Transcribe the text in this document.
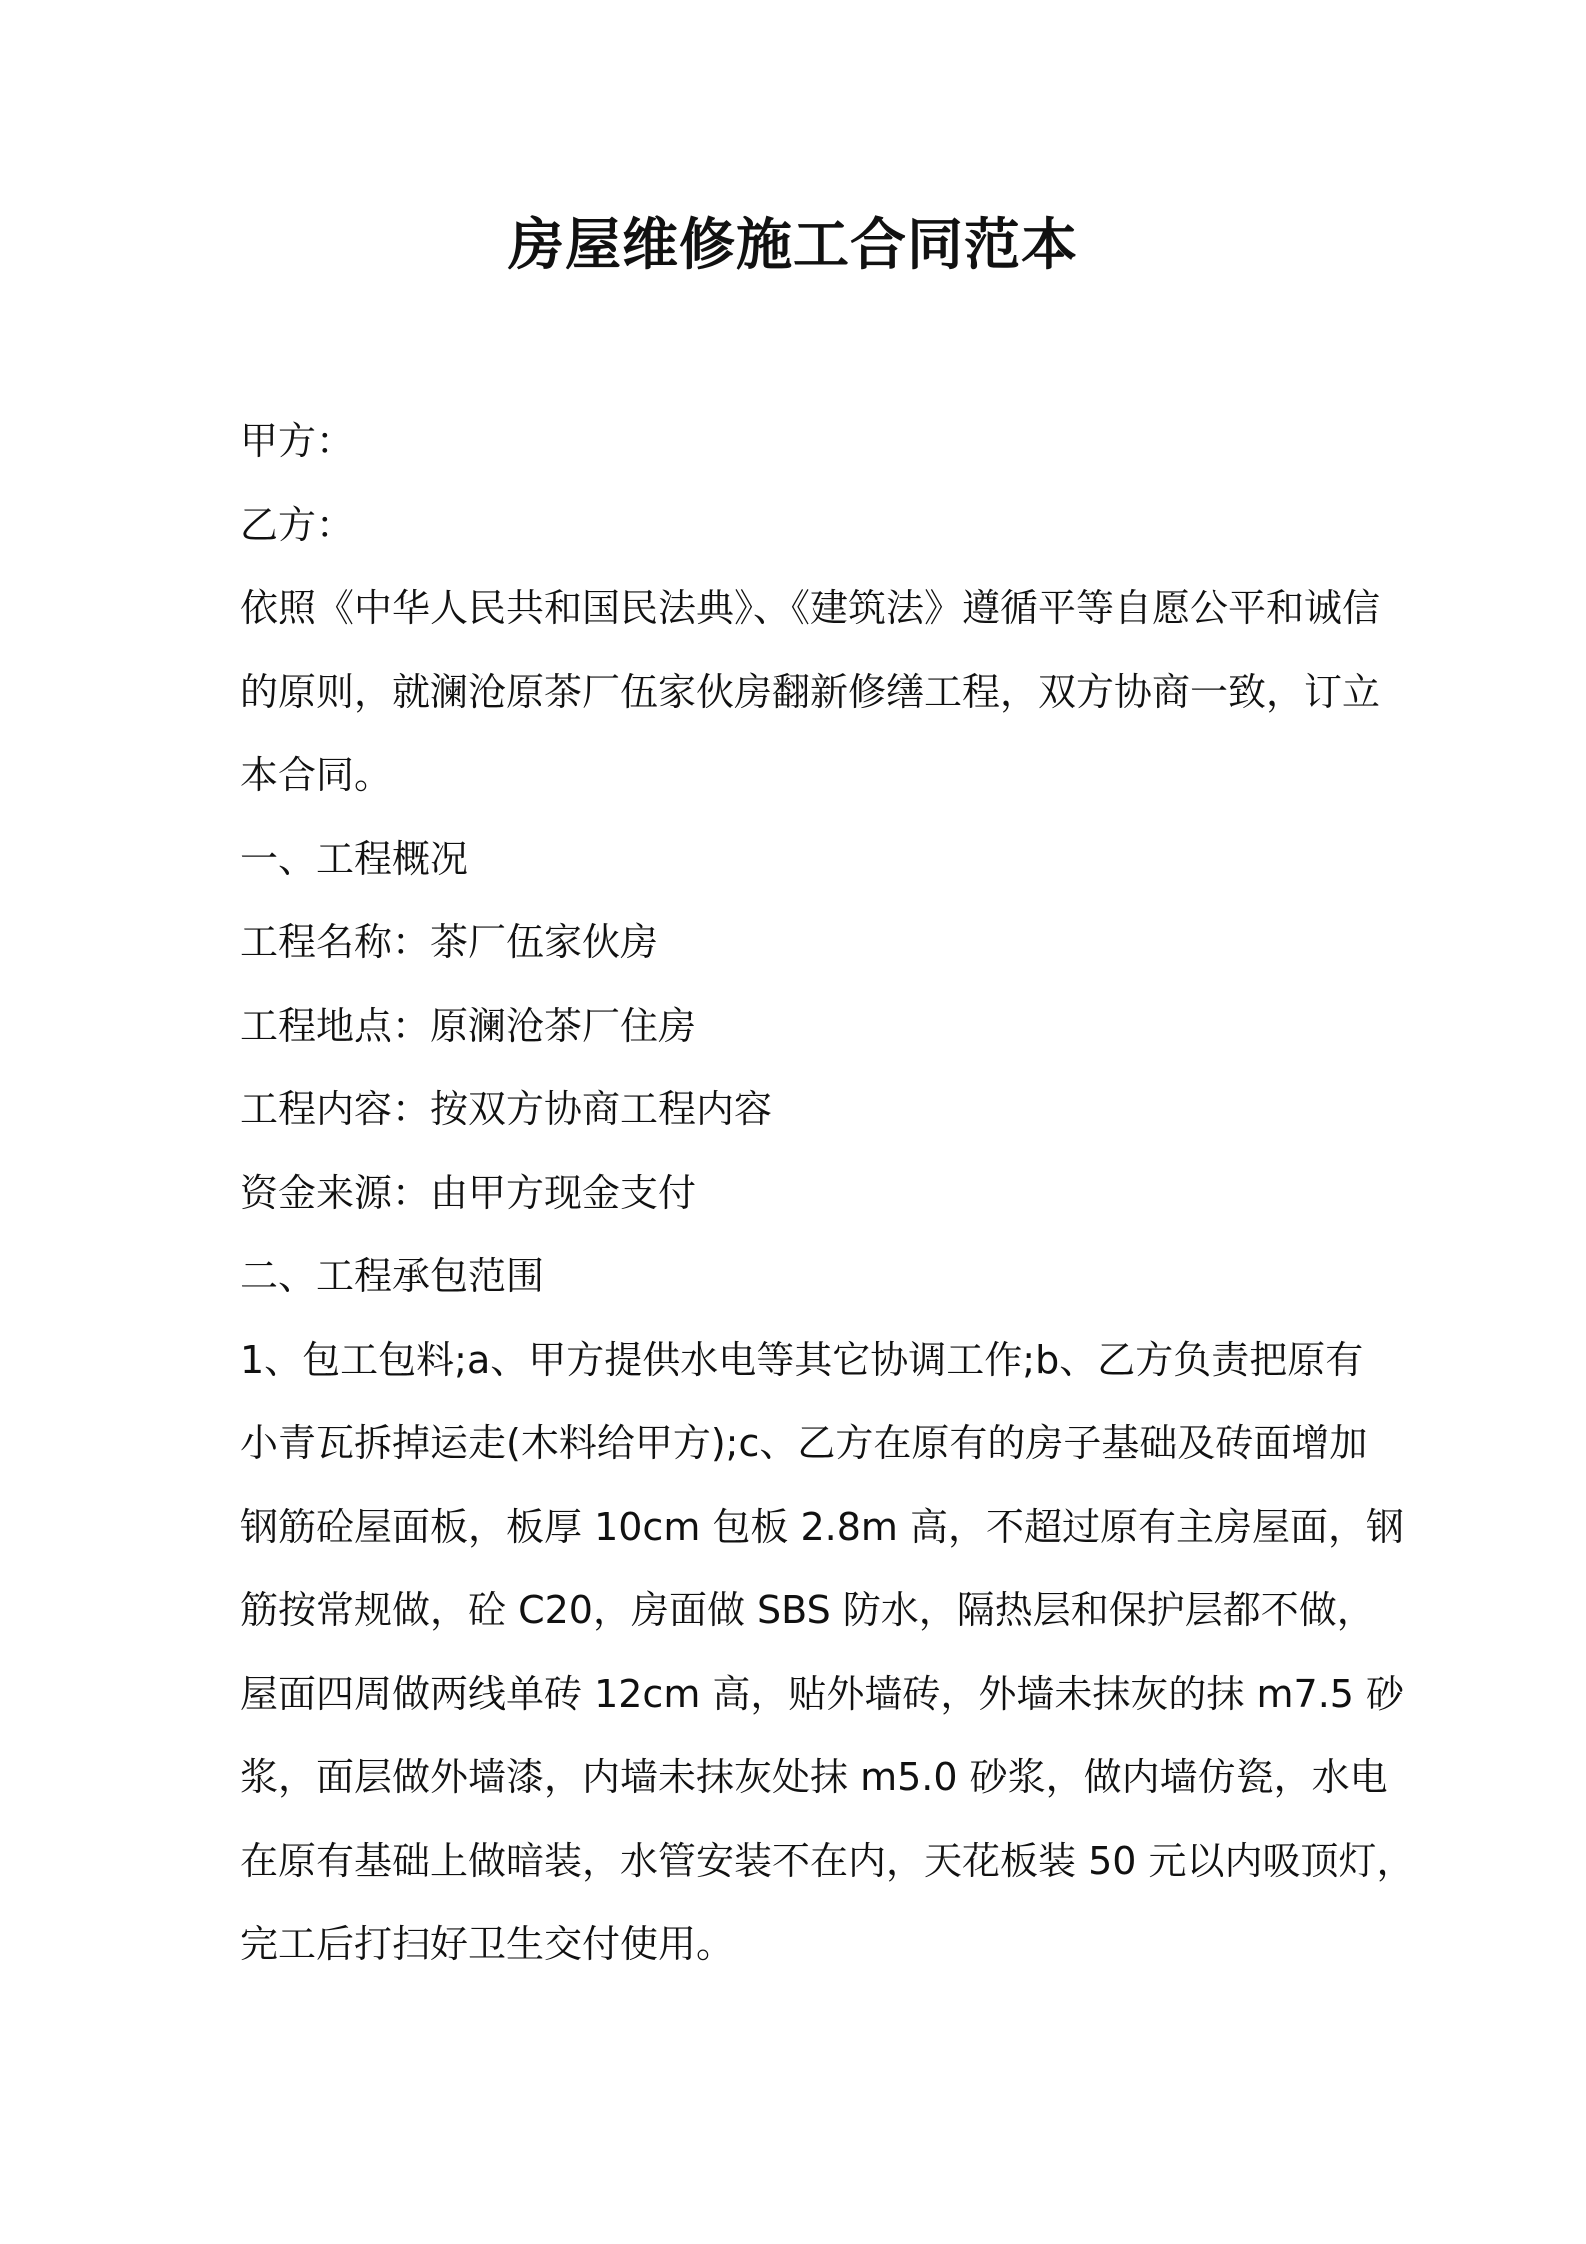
房屋维修施工合同范本

甲方：

乙方：

依照《中华人民共和国民法典》、《建筑法》遵循平等自愿公平和诚信

的原则，就澜沧原茶厂伍家伙房翻新修缮工程，双方协商一致，订立

本合同。

一、工程概况

工程名称：茶厂伍家伙房

工程地点：原澜沧茶厂住房

工程内容：按双方协商工程内容

资金来源：由甲方现金支付

二、工程承包范围

1、包工包料;a、甲方提供水电等其它协调工作;b、乙方负责把原有

小青瓦拆掉运走(木料给甲方);c、乙方在原有的房子基础及砖面增加

钢筋砼屋面板，板厚 10cm 包板 2.8m 高，不超过原有主房屋面，钢

筋按常规做，砼 C20，房面做 SBS 防水，隔热层和保护层都不做，

屋面四周做两线单砖 12cm 高，贴外墙砖，外墙未抹灰的抹 m7.5 砂

浆，面层做外墙漆，内墙未抹灰处抹 m5.0 砂浆，做内墙仿瓷，水电

在原有基础上做暗装，水管安装不在内，天花板装 50 元以内吸顶灯，

完工后打扫好卫生交付使用。
